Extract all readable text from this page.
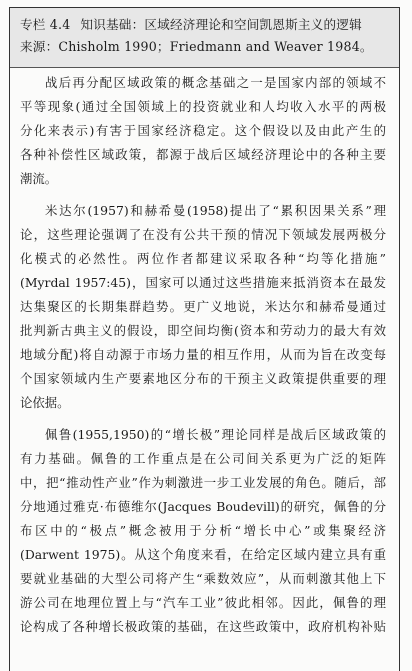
专栏 4.4 知识基础：区域经济理论和空间凯恩斯主义的逻辑
来源：Chisholm 1990；Friedmann and Weaver 1984。
战后再分配区域政策的概念基础之一是国家内部的领域不
平等现象(通过全国领域上的投资就业和人均收入水平的两极
分化来表示)有害于国家经济稳定。这个假设以及由此产生的
各种补偿性区域政策，都源于战后区域经济理论中的各种主要
潮流。
米达尔(1957)和赫希曼(1958)提出了“累积因果关系”理
论，这些理论强调了在没有公共干预的情况下领域发展两极分
化模式的必然性。两位作者都建议采取各种“均等化措施”
(Myrdal 1957:45)，国家可以通过这些措施来抵消资本在最发
达集聚区的长期集群趋势。更广义地说，米达尔和赫希曼通过
批判新古典主义的假设，即空间均衡(资本和劳动力的最大有效
地域分配)将自动源于市场力量的相互作用，从而为旨在改变每
个国家领域内生产要素地区分布的干预主义政策提供重要的理
论依据。
佩鲁(1955,1950)的“增长极”理论同样是战后区域政策的
有力基础。佩鲁的工作重点是在公司间关系更为广泛的矩阵
中，把“推动性产业”作为刺激进一步工业发展的角色。随后，部
分地通过雅克·布德维尔(Jacques Boudevill)的研究，佩鲁的分
布区中的“极点”概念被用于分析“增长中心”或集聚经济
(Darwent 1975)。从这个角度来看，在给定区域内建立具有重
要就业基础的大型公司将产生“乘数效应”，从而刺激其他上下
游公司在地理位置上与“汽车工业”彼此相邻。因此，佩鲁的理
论构成了各种增长极政策的基础，在这些政策中，政府机构补贴
